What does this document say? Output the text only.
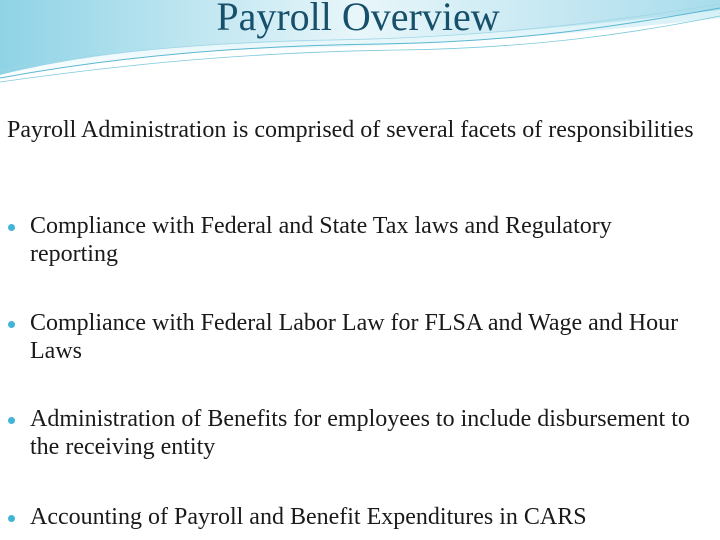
Payroll Overview

Payroll Administration is comprised of several facets of responsibilities

Compliance with Federal and State Tax laws and Regulatory reporting

Compliance with Federal Labor Law for FLSA and Wage and Hour Laws

Administration of Benefits for employees to include disbursement to the receiving entity

Accounting of Payroll and Benefit Expenditures in CARS
